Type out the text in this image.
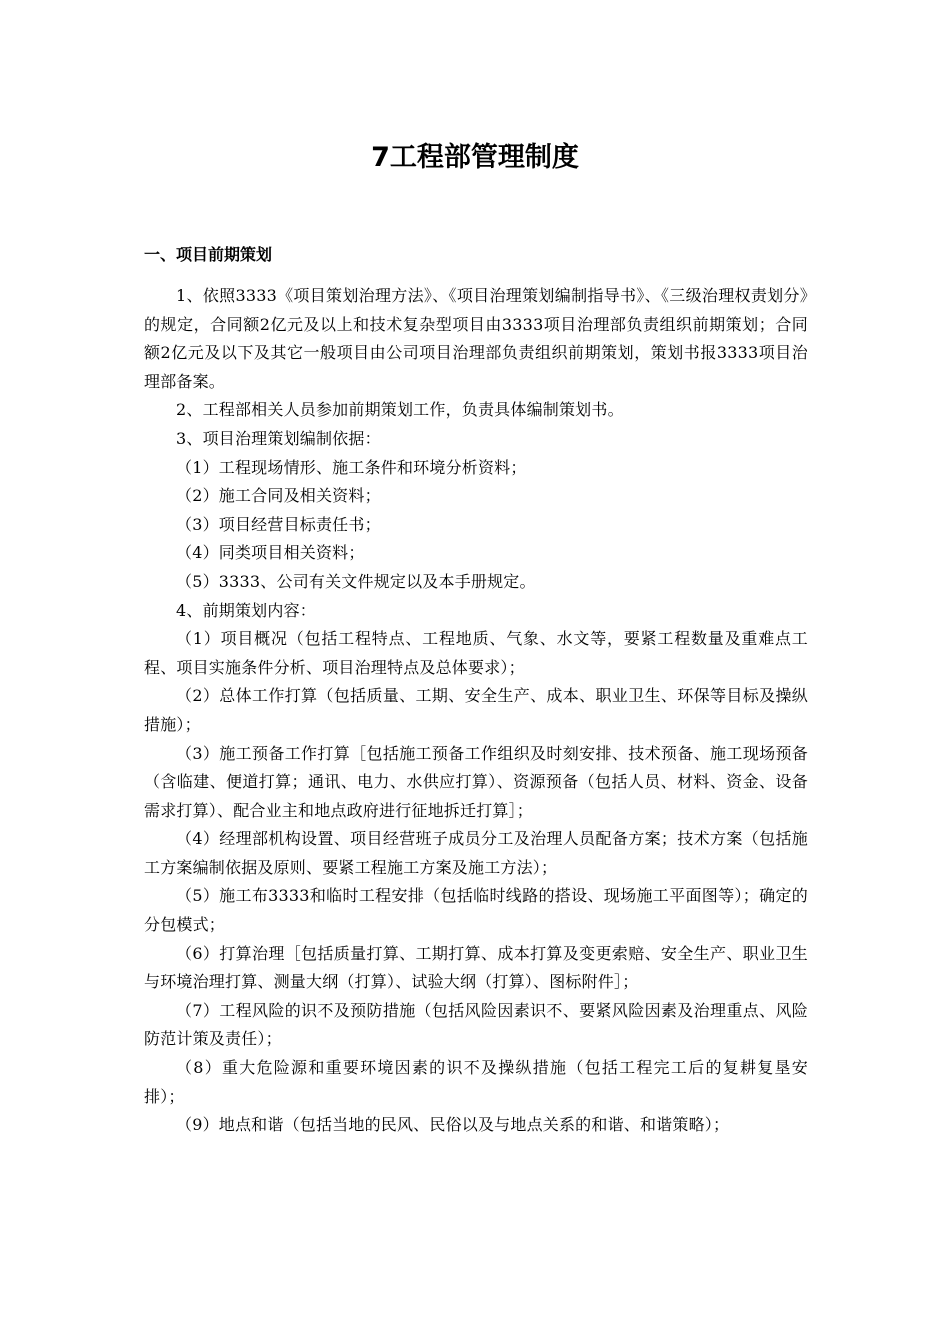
7工程部管理制度
一、项目前期策划

1、依照3333《项目策划治理方法》、《项目治理策划编制指导书》、《三级治理权责划分》的规定，合同额2亿元及以上和技术复杂型项目由3333项目治理部负责组织前期策划；合同额2亿元及以下及其它一般项目由公司项目治理部负责组织前期策划，策划书报3333项目治理部备案。

2、工程部相关人员参加前期策划工作，负责具体编制策划书。

3、项目治理策划编制依据：

（1）工程现场情形、施工条件和环境分析资料；

（2）施工合同及相关资料；

（3）项目经营目标责任书；

（4）同类项目相关资料；

（5）3333、公司有关文件规定以及本手册规定。

4、前期策划内容：

（1）项目概况（包括工程特点、工程地质、气象、水文等，要紧工程数量及重难点工程、项目实施条件分析、项目治理特点及总体要求）；

（2）总体工作打算（包括质量、工期、安全生产、成本、职业卫生、环保等目标及操纵措施）；

（3）施工预备工作打算［包括施工预备工作组织及时刻安排、技术预备、施工现场预备（含临建、便道打算；通讯、电力、水供应打算）、资源预备（包括人员、材料、资金、设备需求打算）、配合业主和地点政府进行征地拆迁打算］；

（4）经理部机构设置、项目经营班子成员分工及治理人员配备方案；技术方案（包括施工方案编制依据及原则、要紧工程施工方案及施工方法）；

（5）施工布3333和临时工程安排（包括临时线路的搭设、现场施工平面图等）；确定的分包模式；

（6）打算治理［包括质量打算、工期打算、成本打算及变更索赔、安全生产、职业卫生与环境治理打算、测量大纲（打算）、试验大纲（打算）、图标附件］；

（7）工程风险的识不及预防措施（包括风险因素识不、要紧风险因素及治理重点、风险防范计策及责任）；

（8）重大危险源和重要环境因素的识不及操纵措施（包括工程完工后的复耕复垦安排）；

（9）地点和谐（包括当地的民风、民俗以及与地点关系的和谐、和谐策略）；
